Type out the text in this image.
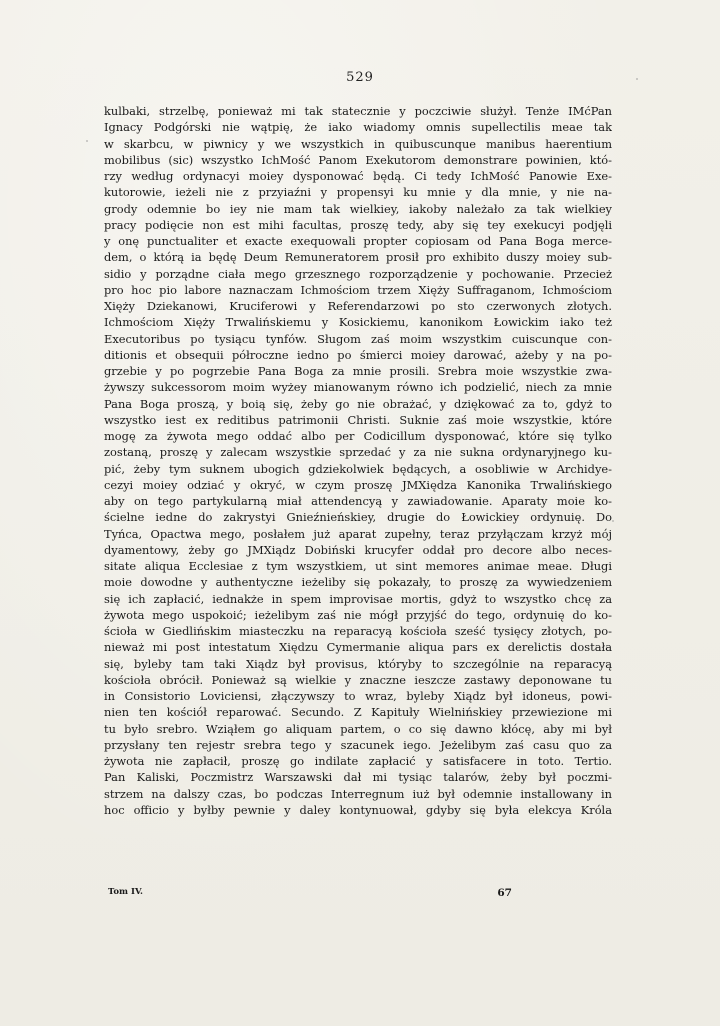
529
kulbaki, strzelbę, ponieważ mi tak statecznie y poczciwie służył. Tenże IMćPan
Ignacy Podgórski nie wątpię, że iako wiadomy omnis supellectilis meae tak
w skarbcu, w piwnicy y we wszystkich in quibuscunque manibus haerentium
mobilibus (sic) wszystko IchMość Panom Exekutorom demonstrare powinien, któ-
rzy według ordynacyi moiey dysponować będą. Ci tedy IchMość Panowie Exe-
kutorowie, ieżeli nie z przyiaźni y propensyi ku mnie y dla mnie, y nie na-
grody odemnie bo iey nie mam tak wielkiey, iakoby należało za tak wielkiey
pracy podięcie non est mihi facultas, proszę tedy, aby się tey exekucyi podjęli
y onę punctualiter et exacte exequowali propter copiosam od Pana Boga merce-
dem, o którą ia będę Deum Remuneratorem prosił pro exhibito duszy moiey sub-
sidio y porządne ciała mego grzesznego rozporządzenie y pochowanie. Przecież
pro hoc pio labore naznaczam Ichmościom trzem Xięży Suffraganom, Ichmościom
Xięży Dziekanowi, Kruciferowi y Referendarzowi po sto czerwonych złotych.
Ichmościom Xięży Trwalińskiemu y Kosickiemu, kanonikom Łowickim iako też
Executoribus po tysiącu tynfów. Sługom zaś moim wszystkim cuiscunque con-
ditionis et obsequii półroczne iedno po śmierci moiey darować, ażeby y na po-
grzebie y po pogrzebie Pana Boga za mnie prosili. Srebra moie wszystkie zwa-
żywszy sukcessorom moim wyżey mianowanym równo ich podzielić, niech za mnie
Pana Boga proszą, y boią się, żeby go nie obrażać, y dziękować za to, gdyż to
wszystko iest ex reditibus patrimonii Christi. Suknie zaś moie wszystkie, które
mogę za żywota mego oddać albo per Codicillum dysponować, które się tylko
zostaną, proszę y zalecam wszystkie sprzedać y za nie sukna ordynaryjnego ku-
pić, żeby tym suknem ubogich gdziekolwiek będących, a osobliwie w Archidye-
cezyi moiey odziać y okryć, w czym proszę JMXiędza Kanonika Trwalińskiego
aby on tego partykularną miał attendencyą y zawiadowanie. Aparaty moie ko-
ścielne iedne do zakrystyi Gnieźnieńskiey, drugie do Łowickiey ordynuię. Do
Tyńca, Opactwa mego, posłałem już aparat zupełny, teraz przyłączam krzyż mój
dyamentowy, żeby go JMXiądz Dobiński krucyfer oddał pro decore albo neces-
sitate aliqua Ecclesiae z tym wszystkiem, ut sint memores animae meae. Długi
moie dowodne y authentyczne ieżeliby się pokazały, to proszę za wywiedzeniem
się ich zapłacić, iednakże in spem improvisae mortis, gdyż to wszystko chcę za
żywota mego uspokoić; ieżelibym zaś nie mógł przyjść do tego, ordynuię do ko-
ścioła w Giedlińskim miasteczku na reparacyą kościoła sześć tysięcy złotych, po-
nieważ mi post intestatum Xiędzu Cymermanie aliqua pars ex derelictis dostała
się, byleby tam taki Xiądz był provisus, któryby to szczególnie na reparacyą
kościoła obrócił. Ponieważ są wielkie y znaczne ieszcze zastawy deponowane tu
in Consistorio Loviciensi, złączywszy to wraz, byleby Xiądz był idoneus, powi-
nien ten kościół reparować. Secundo. Z Kapituły Wielnińskiey przewiezione mi
tu było srebro. Wziąłem go aliquam partem, o co się dawno kłócę, aby mi był
przysłany ten rejestr srebra tego y szacunek iego. Jeżelibym zaś casu quo za
żywota nie zapłacił, proszę go indilate zapłacić y satisfacere in toto. Tertio.
Pan Kaliski, Poczmistrz Warszawski dał mi tysiąc talarów, żeby był poczmi-
strzem na dalszy czas, bo podczas Interregnum iuż był odemnie installowany in
hoc officio y byłby pewnie y daley kontynuował, gdyby się była elekcya Króla
Tom IV.	67
